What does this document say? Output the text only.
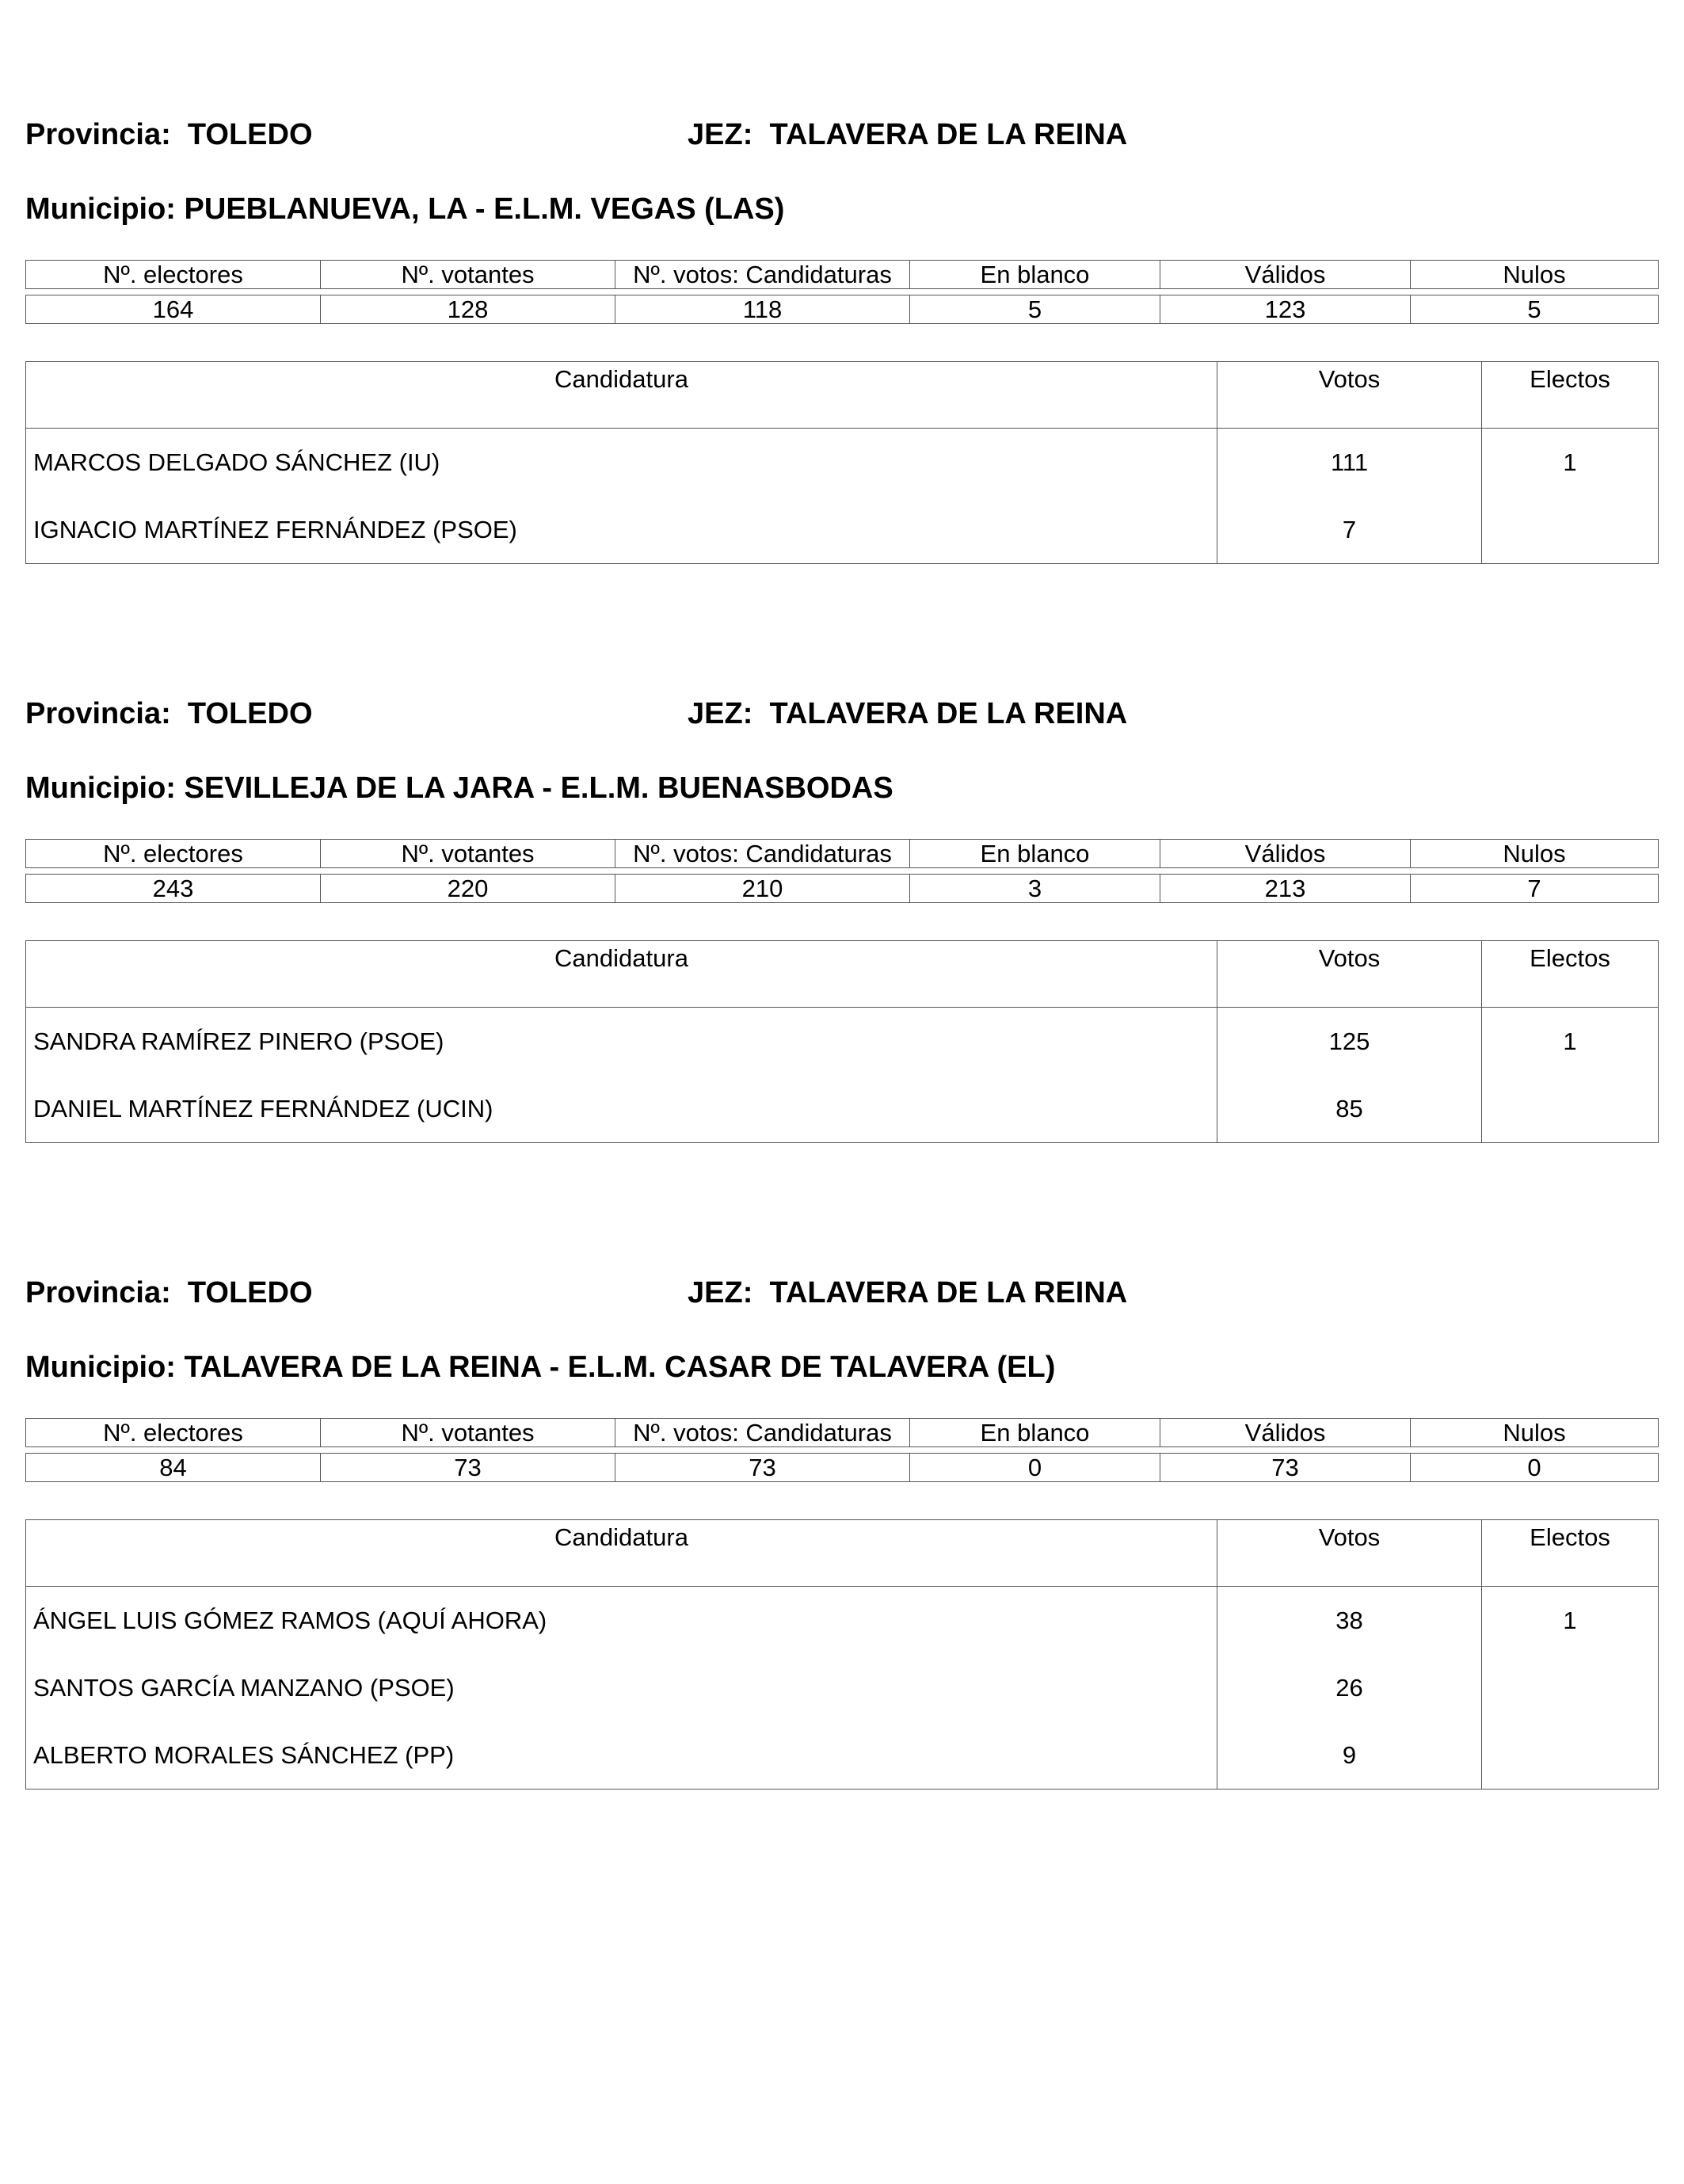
Provincia: TOLEDO	JEZ: TALAVERA DE LA REINA
Municipio: PUEBLANUEVA, LA - E.L.M. VEGAS (LAS)
Nº. electores	Nº. votantes	Nº. votos: Candidaturas	En blanco	Válidos	Nulos

164	128	118	5	123	5
Candidatura	Votos	Electos
MARCOS DELGADO SÁNCHEZ (IU)	111	1
IGNACIO MARTÍNEZ FERNÁNDEZ (PSOE)	7	
Provincia: TOLEDO	JEZ: TALAVERA DE LA REINA
Municipio: SEVILLEJA DE LA JARA - E.L.M. BUENASBODAS
Nº. electores	Nº. votantes	Nº. votos: Candidaturas	En blanco	Válidos	Nulos

243	220	210	3	213	7
Candidatura	Votos	Electos
SANDRA RAMÍREZ PINERO (PSOE)	125	1
DANIEL MARTÍNEZ FERNÁNDEZ (UCIN)	85	
Provincia: TOLEDO	JEZ: TALAVERA DE LA REINA
Municipio: TALAVERA DE LA REINA - E.L.M. CASAR DE TALAVERA (EL)
Nº. electores	Nº. votantes	Nº. votos: Candidaturas	En blanco	Válidos	Nulos

84	73	73	0	73	0
Candidatura	Votos	Electos
ÁNGEL LUIS GÓMEZ RAMOS (AQUÍ AHORA)	38	1
SANTOS GARCÍA MANZANO (PSOE)	26	
ALBERTO MORALES SÁNCHEZ (PP)	9	
